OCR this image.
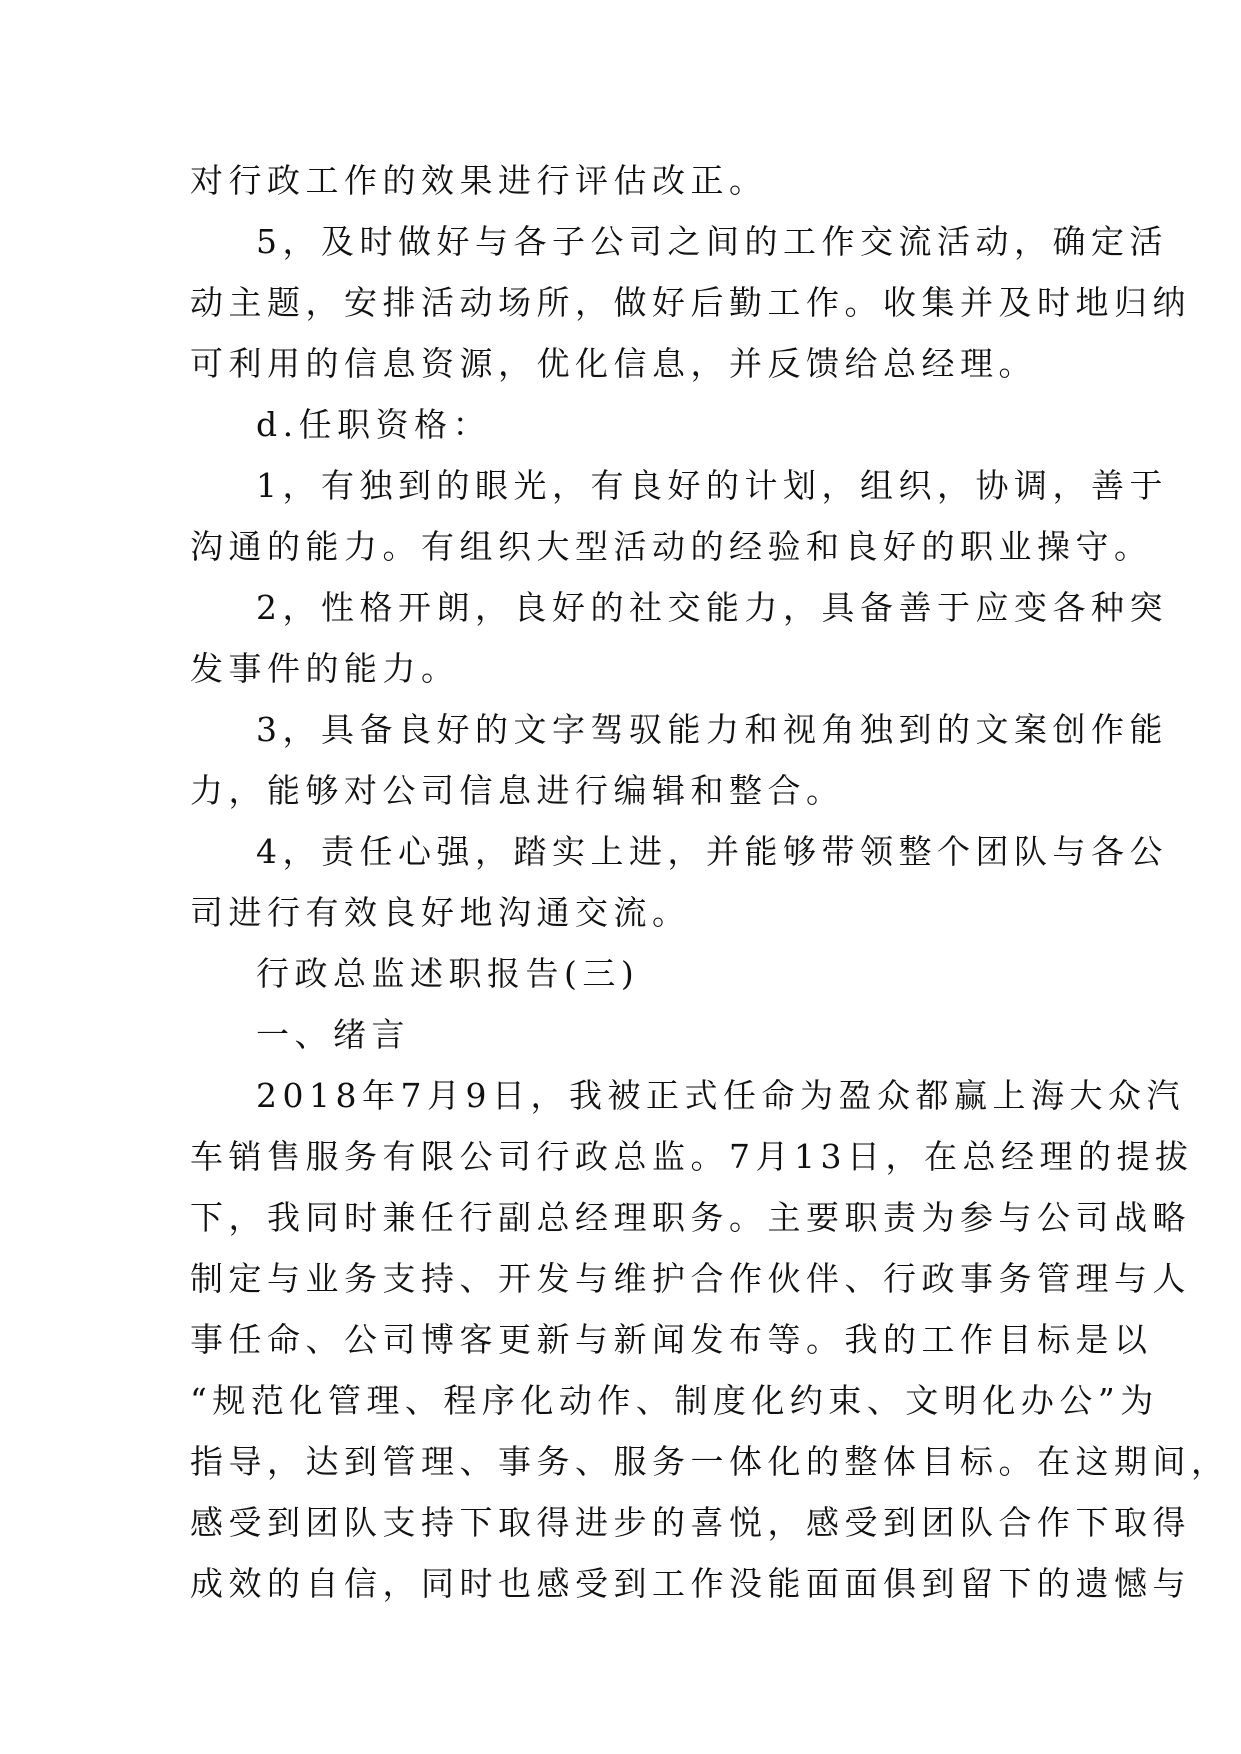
对行政工作的效果进行评估改正。
5，及时做好与各子公司之间的工作交流活动，确定活
动主题，安排活动场所，做好后勤工作。收集并及时地归纳
可利用的信息资源，优化信息，并反馈给总经理。
d.任职资格：
1，有独到的眼光，有良好的计划，组织，协调，善于
沟通的能力。有组织大型活动的经验和良好的职业操守。
2，性格开朗，良好的社交能力，具备善于应变各种突
发事件的能力。
3，具备良好的文字驾驭能力和视角独到的文案创作能
力，能够对公司信息进行编辑和整合。
4，责任心强，踏实上进，并能够带领整个团队与各公
司进行有效良好地沟通交流。
行政总监述职报告(三)
一、绪言
2018年7月9日，我被正式任命为盈众都赢上海大众汽
车销售服务有限公司行政总监。7月13日，在总经理的提拔
下，我同时兼任行副总经理职务。主要职责为参与公司战略
制定与业务支持、开发与维护合作伙伴、行政事务管理与人
事任命、公司博客更新与新闻发布等。我的工作目标是以
“规范化管理、程序化动作、制度化约束、文明化办公”为
指导，达到管理、事务、服务一体化的整体目标。在这期间，
感受到团队支持下取得进步的喜悦，感受到团队合作下取得
成效的自信，同时也感受到工作没能面面俱到留下的遗憾与
